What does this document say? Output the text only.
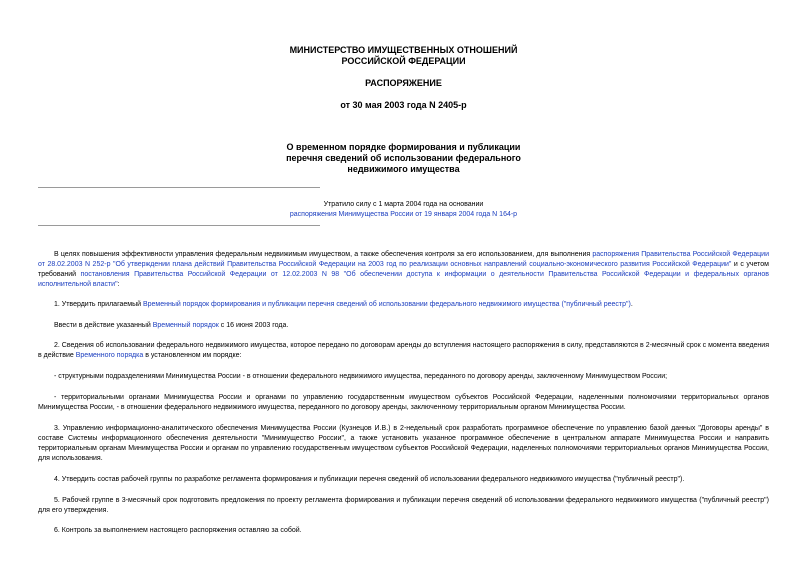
МИНИСТЕРСТВО ИМУЩЕСТВЕННЫХ ОТНОШЕНИЙ
РОССИЙСКОЙ ФЕДЕРАЦИИ
РАСПОРЯЖЕНИЕ
от 30 мая 2003 года N 2405-р
О временном порядке формирования и публикации
перечня сведений об использовании федерального
недвижимого имущества
Утратило силу с 1 марта 2004 года на основании
распоряжения Минимущества России от 19 января 2004 года N 164-р
В целях повышения эффективности управления федеральным недвижимым имуществом, а также обеспечения контроля за его использованием, для выполнения распоряжения Правительства Российской Федерации от 28.02.2003 N 252-р "Об утверждении плана действий Правительства Российской Федерации на 2003 год по реализации основных направлений социально-экономического развития Российской Федерации" и с учетом требований постановления Правительства Российской Федерации от 12.02.2003 N 98 "Об обеспечении доступа к информации о деятельности Правительства Российской Федерации и федеральных органов исполнительной власти":
1. Утвердить прилагаемый Временный порядок формирования и публикации перечня сведений об использовании федерального недвижимого имущества ("публичный реестр").
Ввести в действие указанный Временный порядок с 16 июня 2003 года.
2. Сведения об использовании федерального недвижимого имущества, которое передано по договорам аренды до вступления настоящего распоряжения в силу, представляются в 2-месячный срок с момента введения в действие Временного порядка в установленном им порядке:
- структурными подразделениями Минимущества России - в отношении федерального недвижимого имущества, переданного по договору аренды, заключенному Минимуществом России;
- территориальными органами Минимущества России и органами по управлению государственным имуществом субъектов Российской Федерации, наделенными полномочиями территориальных органов Минимущества России, - в отношении федерального недвижимого имущества, переданного по договору аренды, заключенному территориальным органом Минимущества России.
3. Управлению информационно-аналитического обеспечения Минимущества России (Кузнецов И.В.) в 2-недельный срок разработать программное обеспечение по управлению базой данных "Договоры аренды" в составе Системы информационного обеспечения деятельности "Минимущество России", а также установить указанное программное обеспечение в центральном аппарате Минимущества России и направить территориальным органам Минимущества России и органам по управлению государственным имуществом субъектов Российской Федерации, наделенных полномочиями территориальных органов Минимущества России, для использования.
4. Утвердить состав рабочей группы по разработке регламента формирования и публикации перечня сведений об использовании федерального недвижимого имущества ("публичный реестр").
5. Рабочей группе в 3-месячный срок подготовить предложения по проекту регламента формирования и публикации перечня сведений об использовании федерального недвижимого имущества ("публичный реестр") для его утверждения.
6. Контроль за выполнением настоящего распоряжения оставляю за собой.
